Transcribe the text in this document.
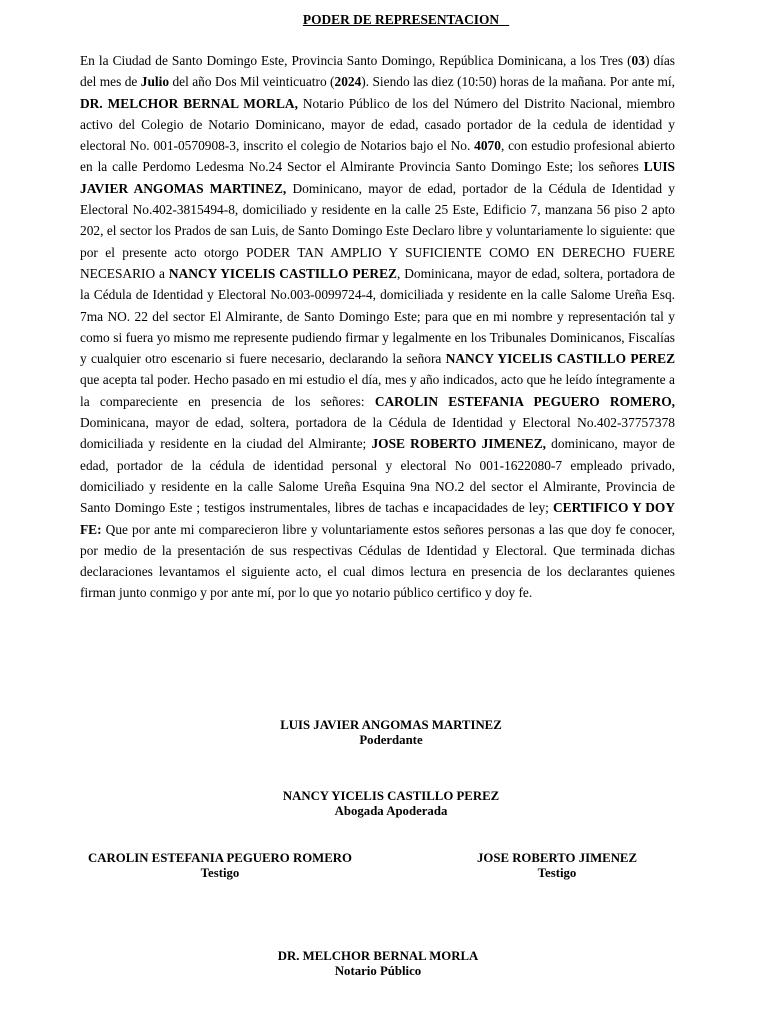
PODER DE REPRESENTACION

En la Ciudad de Santo Domingo Este, Provincia Santo Domingo, República Dominicana, a los Tres (03) días del mes de Julio del año Dos Mil veinticuatro (2024). Siendo las diez (10:50) horas de la mañana. Por ante mí, DR. MELCHOR BERNAL MORLA, Notario Público de los del Número del Distrito Nacional, miembro activo del Colegio de Notario Dominicano, mayor de edad, casado portador de la cedula de identidad y electoral No. 001-0570908-3, inscrito el colegio de Notarios bajo el No. 4070, con estudio profesional abierto en la calle Perdomo Ledesma No.24 Sector el Almirante Provincia Santo Domingo Este; los señores LUIS JAVIER ANGOMAS MARTINEZ, Dominicano, mayor de edad, portador de la Cédula de Identidad y Electoral No.402-3815494-8, domiciliado y residente en la calle 25 Este, Edificio 7, manzana 56 piso 2 apto 202, el sector los Prados de san Luis, de Santo Domingo Este Declaro libre y voluntariamente lo siguiente: que por el presente acto otorgo PODER TAN AMPLIO Y SUFICIENTE COMO EN DERECHO FUERE NECESARIO a NANCY YICELIS CASTILLO PEREZ, Dominicana, mayor de edad, soltera, portadora de la Cédula de Identidad y Electoral No.003-0099724-4, domiciliada y residente en la calle Salome Ureña Esq. 7ma NO. 22 del sector El Almirante, de Santo Domingo Este; para que en mi nombre y representación tal y como si fuera yo mismo me represente pudiendo firmar y legalmente en los Tribunales Dominicanos, Fiscalías y cualquier otro escenario si fuere necesario, declarando la señora NANCY YICELIS CASTILLO PEREZ que acepta tal poder. Hecho pasado en mi estudio el día, mes y año indicados, acto que he leído íntegramente a la compareciente en presencia de los señores: CAROLIN ESTEFANIA PEGUERO ROMERO, Dominicana, mayor de edad, soltera, portadora de la Cédula de Identidad y Electoral No.402-37757378 domiciliada y residente en la ciudad del Almirante; JOSE ROBERTO JIMENEZ, dominicano, mayor de edad, portador de la cédula de identidad personal y electoral No 001-1622080-7 empleado privado, domiciliado y residente en la calle Salome Ureña Esquina 9na NO.2 del sector el Almirante, Provincia de Santo Domingo Este ; testigos instrumentales, libres de tachas e incapacidades de ley; CERTIFICO Y DOY FE: Que por ante mi comparecieron libre y voluntariamente estos señores personas a las que doy fe conocer, por medio de la presentación de sus respectivas Cédulas de Identidad y Electoral. Que terminada dichas declaraciones levantamos el siguiente acto, el cual dimos lectura en presencia de los declarantes quienes firman junto conmigo y por ante mí, por lo que yo notario público certifico y doy fe.

LUIS JAVIER ANGOMAS MARTINEZ
Poderdante
NANCY YICELIS CASTILLO PEREZ
Abogada Apoderada
CAROLIN ESTEFANIA PEGUERO ROMERO
Testigo
JOSE ROBERTO JIMENEZ
Testigo
DR. MELCHOR BERNAL MORLA
Notario Público
